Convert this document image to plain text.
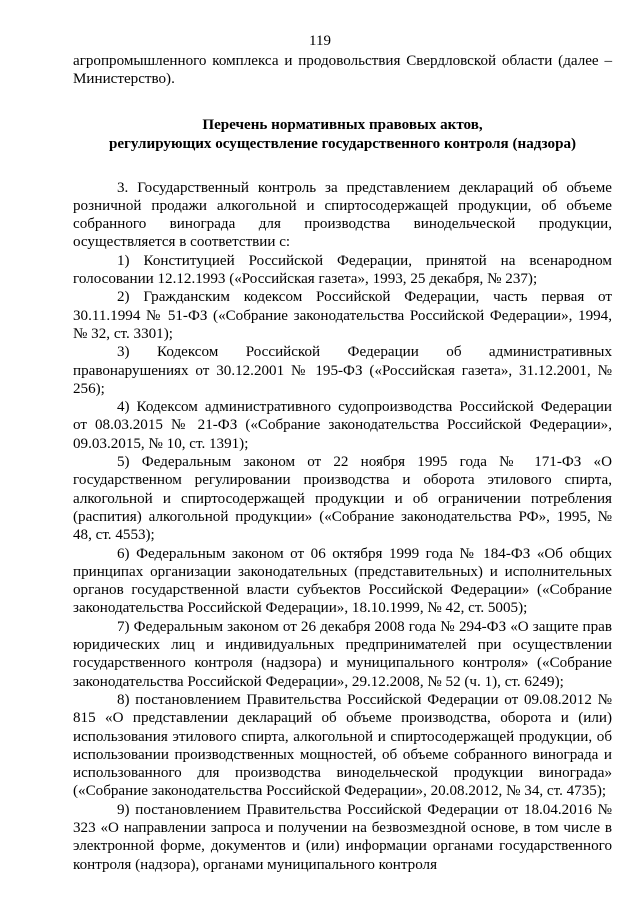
119

агропромышленного комплекса и продовольствия Свердловской области (далее – Министерство).

Перечень нормативных правовых актов,
регулирующих осуществление государственного контроля (надзора)

3. Государственный контроль за представлением деклараций об объеме розничной продажи алкогольной и спиртосодержащей продукции, об объеме собранного винограда для производства винодельческой продукции, осуществляется в соответствии с:

1) Конституцией Российской Федерации, принятой на всенародном голосовании 12.12.1993 («Российская газета», 1993, 25 декабря, № 237);

2) Гражданским кодексом Российской Федерации, часть первая от 30.11.1994 № 51-ФЗ («Собрание законодательства Российской Федерации», 1994, № 32, ст. 3301);

3) Кодексом Российской Федерации об административных правонарушениях от 30.12.2001 № 195-ФЗ («Российская газета», 31.12.2001, № 256);

4) Кодексом административного судопроизводства Российской Федерации от 08.03.2015 № 21-ФЗ («Собрание законодательства Российской Федерации», 09.03.2015, № 10, ст. 1391);

5) Федеральным законом от 22 ноября 1995 года № 171-ФЗ «О государственном регулировании производства и оборота этилового спирта, алкогольной и спиртосодержащей продукции и об ограничении потребления (распития) алкогольной продукции» («Собрание законодательства РФ», 1995, № 48, ст. 4553);

6) Федеральным законом от 06 октября 1999 года № 184-ФЗ «Об общих принципах организации законодательных (представительных) и исполнительных органов государственной власти субъектов Российской Федерации» («Собрание законодательства Российской Федерации», 18.10.1999, № 42, ст. 5005);

7) Федеральным законом от 26 декабря 2008 года № 294-ФЗ «О защите прав юридических лиц и индивидуальных предпринимателей при осуществлении государственного контроля (надзора) и муниципального контроля» («Собрание законодательства Российской Федерации», 29.12.2008, № 52 (ч. 1), ст. 6249);

8) постановлением Правительства Российской Федерации от 09.08.2012 № 815 «О представлении деклараций об объеме производства, оборота и (или) использования этилового спирта, алкогольной и спиртосодержащей продукции, об использовании производственных мощностей, об объеме собранного винограда и использованного для производства винодельческой продукции винограда» («Собрание законодательства Российской Федерации», 20.08.2012, № 34, ст. 4735);

9) постановлением Правительства Российской Федерации от 18.04.2016 № 323 «О направлении запроса и получении на безвозмездной основе, в том числе в электронной форме, документов и (или) информации органами государственного контроля (надзора), органами муниципального контроля
